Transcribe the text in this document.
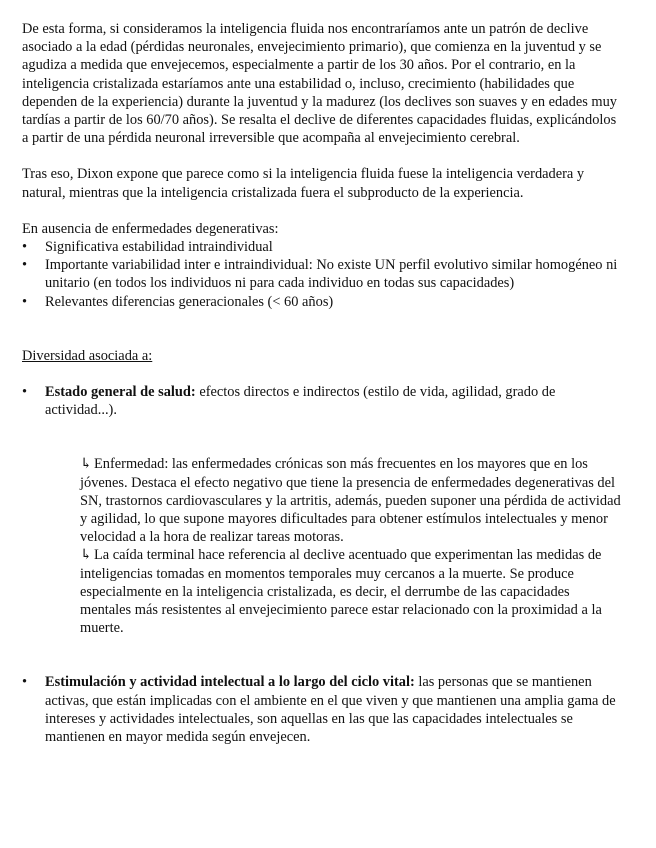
De esta forma, si consideramos la inteligencia fluida nos encontraríamos ante un patrón de declive asociado a la edad (pérdidas neuronales, envejecimiento primario), que comienza en la juventud y se agudiza a medida que envejecemos, especialmente a partir de los 30 años. Por el contrario, en la inteligencia cristalizada estaríamos ante una estabilidad o, incluso, crecimiento (habilidades que dependen de la experiencia) durante la juventud y la madurez (los declives son suaves y en edades muy tardías a partir de los 60/70 años). Se resalta el declive de diferentes capacidades fluidas, explicándolos a partir de una pérdida neuronal irreversible que acompaña al envejecimiento cerebral.

Tras eso, Dixon expone que parece como si la inteligencia fluida fuese la inteligencia verdadera y natural, mientras que la inteligencia cristalizada fuera el subproducto de la experiencia.

En ausencia de enfermedades degenerativas:

•	Significativa estabilidad intraindividual
•	Importante variabilidad inter e intraindividual: No existe UN perfil evolutivo similar homogéneo ni unitario (en todos los individuos ni para cada individuo en todas sus capacidades)
•	Relevantes diferencias generacionales (< 60 años)

Diversidad asociada a:

•	Estado general de salud: efectos directos e indirectos (estilo de vida, agilidad, grado de actividad...).

↳ Enfermedad: las enfermedades crónicas son más frecuentes en los mayores que en los jóvenes. Destaca el efecto negativo que tiene la presencia de enfermedades degenerativas del SN, trastornos cardiovasculares y la artritis, además, pueden suponer una pérdida de actividad y agilidad, lo que supone mayores dificultades para obtener estímulos intelectuales y menor velocidad a la hora de realizar tareas motoras.

↳ La caída terminal hace referencia al declive acentuado que experimentan las medidas de inteligencias tomadas en momentos temporales muy cercanos a la muerte. Se produce especialmente en la inteligencia cristalizada, es decir, el derrumbe de las capacidades mentales más resistentes al envejecimiento parece estar relacionado con la proximidad a la muerte.

•	Estimulación y actividad intelectual a lo largo del ciclo vital: las personas que se mantienen activas, que están implicadas con el ambiente en el que viven y que mantienen una amplia gama de intereses y actividades intelectuales, son aquellas en las que las capacidades intelectuales se mantienen en mayor medida según envejecen.
